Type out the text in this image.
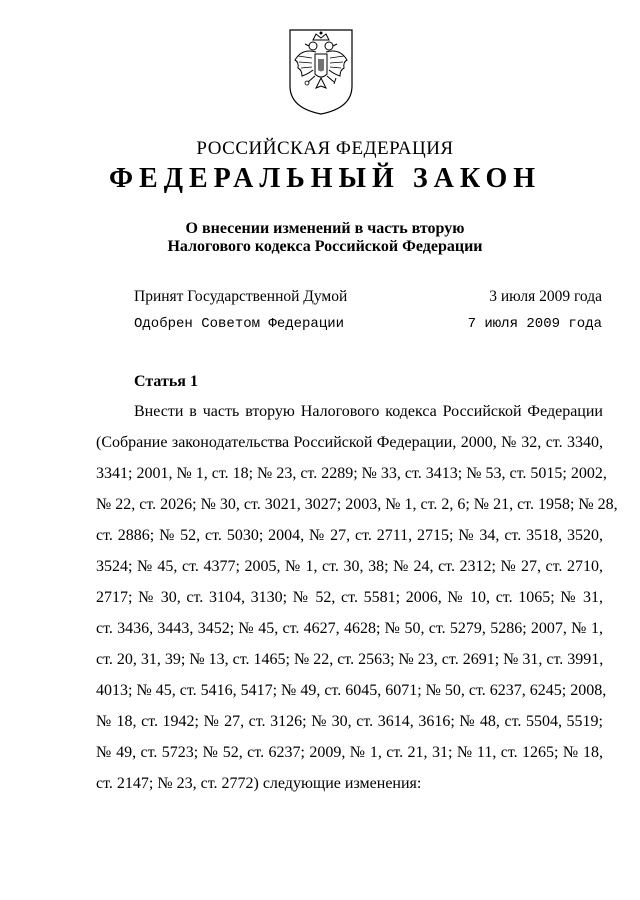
РОССИЙСКАЯ ФЕДЕРАЦИЯ
ФЕДЕРАЛЬНЫЙ ЗАКОН
О внесении изменений в часть вторую
Налогового кодекса Российской Федерации
Принят Государственной Думой	3 июля 2009 года
Одобрен Советом Федерации	7 июля 2009 года
Статья 1
Внести в часть вторую Налогового кодекса Российской Федерации
(Собрание законодательства Российской Федерации, 2000, № 32, ст. 3340,
3341; 2001, № 1, ст. 18; № 23, ст. 2289; № 33, ст. 3413; № 53, ст. 5015; 2002,
№ 22, ст. 2026; № 30, ст. 3021, 3027; 2003, № 1, ст. 2, 6; № 21, ст. 1958; № 28,
ст. 2886; № 52, ст. 5030; 2004, № 27, ст. 2711, 2715; № 34, ст. 3518, 3520,
3524; № 45, ст. 4377; 2005, № 1, ст. 30, 38; № 24, ст. 2312; № 27, ст. 2710,
2717; № 30, ст. 3104, 3130; № 52, ст. 5581; 2006, № 10, ст. 1065; № 31,
ст. 3436, 3443, 3452; № 45, ст. 4627, 4628; № 50, ст. 5279, 5286; 2007, № 1,
ст. 20, 31, 39; № 13, ст. 1465; № 22, ст. 2563; № 23, ст. 2691; № 31, ст. 3991,
4013; № 45, ст. 5416, 5417; № 49, ст. 6045, 6071; № 50, ст. 6237, 6245; 2008,
№ 18, ст. 1942; № 27, ст. 3126; № 30, ст. 3614, 3616; № 48, ст. 5504, 5519;
№ 49, ст. 5723; № 52, ст. 6237; 2009, № 1, ст. 21, 31; № 11, ст. 1265; № 18,
ст. 2147; № 23, ст. 2772) следующие изменения:
